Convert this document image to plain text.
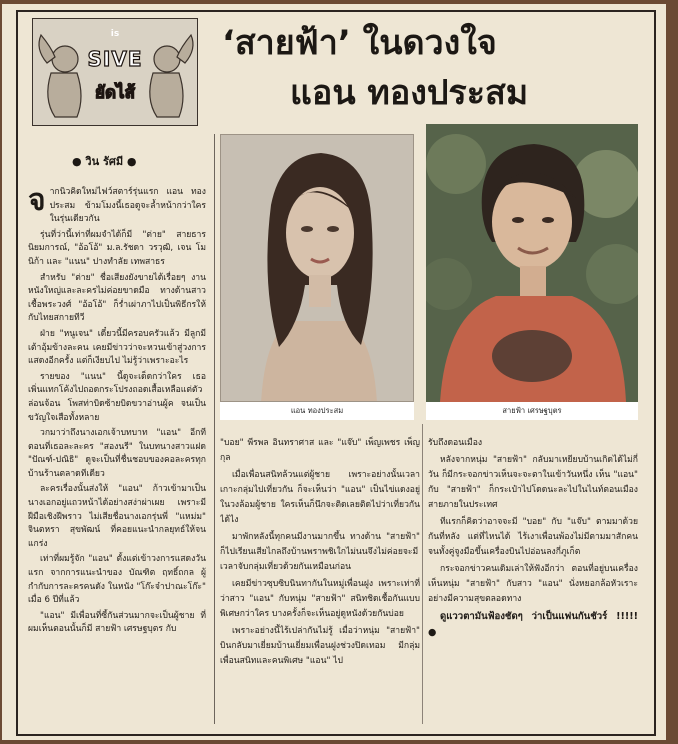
is
SIVE
ยัดไส้
‘สายฟ้า’ ในดวงใจ
แอน ทองประสม
● วิน รัศมี ●

จากนิวคิดใหม่ไฟว์สตาร์รุ่นแรก แอน ทองประสม ข้ามโมงนี้เธอดูจะล้ำหน้ากว่าใครในรุ่นเดียวกัน

รุ่นที่ว่านี้เท่าที่ผมจำได้ก็มี "ต่าย" สายธาร นิยมการณ์, "อ้อโอ้" ม.ล.รัชดา วรวุฒิ, เจน โม นิก้า และ "แนน" ปางทำลัย เทพสาธร

สำหรับ "ต่าย" ชื่อเสียงยังขายได้เรื่อยๆ งานหนังใหญ่และละครไม่ค่อยขาดมือ ทางด้านสาวเชื้อพระวงศ์ "อ้อโอ้" ก็ร่ำเผ่าภาไปเป็นพิธีกรให้กับไทยสกายทีวี

ฝ่าย "หนูเจน" เดี๋ยวนี้มีครอบครัวแล้ว มีลูกมีเต้าอุ้มข้างละคน เคยมีข่าวว่าจะหวนเข้าสู่วงการแสดงอีกครั้ง แต่ก็เงียบไป ไม่รู้ว่าเพราะอะไร

รายของ "แนน" นี้ดูจะเด็ดกว่าใคร เธอเพิ่นแทกโค้งไปถอดกระโปรงถอดเสื้อเหลือแต่ตัวล่อนจ้อน โพสท่าบิดซ้ายบิดขวาอ่านผู้ค จนเป็นขวัญใจเสือทั้งหลาย

วกมาว่าถึงนางเอกเจ้าบทบาท "แอน" อีกที ตอนที่เธอละละคร "สองนรี" ในบทนางสาวแฝด "ปัณฑ์-ปณิธิ" ดูจะเป็นที่ชื่นชอบของคอละครทุกบ้านร้านตลาดทีเดียว

ละครเรื่องนั้นส่งให้ "แอน" ก้าวเข้ามาเป็นนางเอกอยู่แถวหน้าได้อย่างสง่าผ่าเผย เพราะมีฝีมือเชิงฝีพราว ไม่เสียชื่อนางเอกรุ่นพี่ "แหม่ม" จินตหรา สุขพัฒน์ ที่คอยแนะนำกลยุทธ์ให้จนแกร่ง

เท่าที่ผมรู้จัก "แอน" ตั้งแต่เข้าวงการแสดงวันแรก จากการแนะนำของ บัณฑิต ฤทธิ์ถกล ผู้กำกับการละครคนดัง ในหนัง "โก๊ะจ๋าปาณะโก๊ะ" เมื่อ 6 ปีที่แล้ว

"แอน" มีเพื่อนที่ซี้กันส่วนมากจะเป็นผู้ชาย ที่ผมเห็นตอนนั้นก็มี สายฟ้า เศรษฐบุตร กับ

แอน ทองประสม	สายฟ้า เศรษฐบุตร

"บอย" พีรพล อินทราศาส และ "แจ๊บ" เพ็ญเพชร เพ็ญกุล

เมื่อเพื่อนสนิทล้วนแต่ผู้ชาย เพราะอย่างนั้นเวลาเกาะกลุ่มไปเที่ยวกัน ก็จะเห็นว่า "แอน" เป็นไข่แดงอยู่ในวงล้อมผู้ชาย ใครเห็นก็นึกจะติดเลยติดไปว่าเที่ยวกันได้ไง

มาพักหลังนี้ทุกคนมีงานมากขึ้น ทางด้าน "สายฟ้า" ก็ไปเรียนเสียไกลถึงบ้านพราพชิเใกไม่นนจึงไม่ค่อยจะมีเวลาจับกลุ่มเที่ยวด้วยกันเหมือนก่อน

เคยมีข่าวซุบซิบนินทากันในหมู่เพื่อนฝูง เพราะเท่าที่ว่าสาว "แอน" กับหนุ่ม "สายฟ้า" สนิทชิดเชื้อกันแบบพิเศษกว่าใคร บางครั้งก็จะเห็นอยู่ดูหนังด้วยกันบ่อย

เพราะอย่างนี้ไร้เปล่ากันไม่รู้ เมื่อว่าหนุ่ม "สายฟ้า" บินกลับมาเยี่ยมบ้านเยี่ยมเพื่อนฝูงช่วงปิดเทอม มีกลุ่มเพื่อนสนิทและคนพิเศษ "แอน" ไป

รับถึงดอนเมือง

หลังจากหนุ่ม "สายฟ้า" กลับมาเหยียบบ้านเกิดได้ไม่กี่วัน ก็มีกระจอกข่าวเห็นจะจะตาในเข้าวันหนึ่ง เห็น "แอน" กับ "สายฟ้า" ก็กระเป๋าไปโดดนะละไปในไนท์ตอนเมืองสายภายในประเทศ

ทีแรกก็คิดว่าอาจจะมี "บอย" กับ "แจ๊บ" ตามมาด้วยกันที่หลัง แต่ที่ไหนได้ ไร้เงาเพื่อนพ้องไม่มีตามมาสักคน จนทั้งคู่จูงมือขึ้นเครื่องบินไปอ่อนลงกี่ภูเก็ต

กระจอกข่าวคนเดิมเล่าให้ฟังอีกว่า ตอนที่อยู่บนเครื่องเห็นหนุ่ม "สายฟ้า" กับสาว "แอน" นั่งหยอกล้อหัวเราะอย่างมีความสุขตลอดทาง

ดูแววตามันฟ้องชัดๆ ว่าเป็นแฟนกันชัวร์ !!!!! ●
